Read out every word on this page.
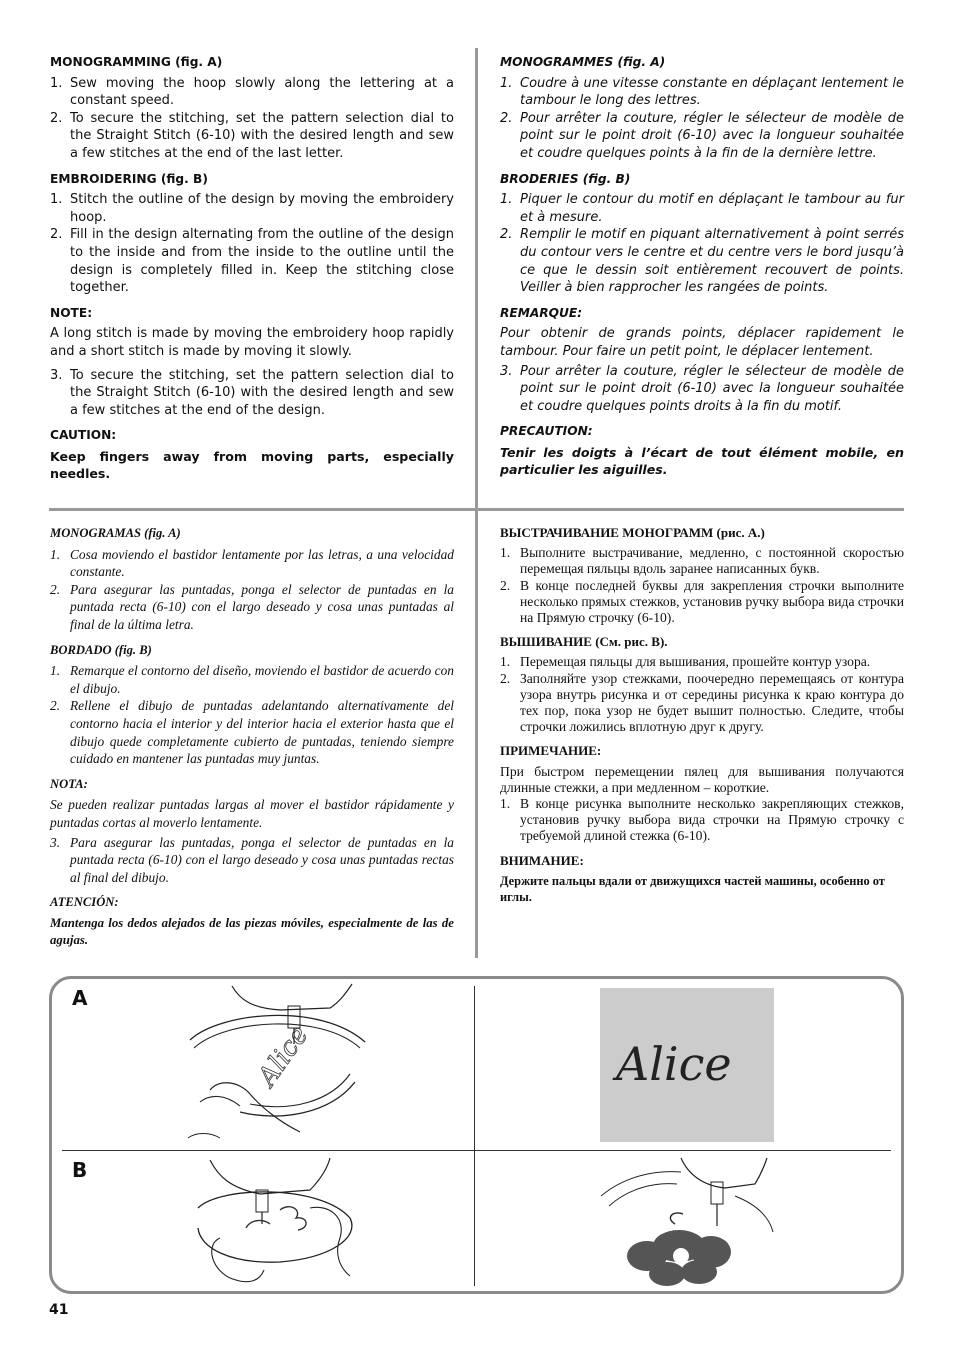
MONOGRAMMING (fig. A)
1. Sew moving the hoop slowly along the lettering at a constant speed.
2. To secure the stitching, set the pattern selection dial to the Straight Stitch (6-10) with the desired length and sew a few stitches at the end of the last letter.
EMBROIDERING (fig. B)
1. Stitch the outline of the design by moving the embroidery hoop.
2. Fill in the design alternating from the outline of the design to the inside and from the inside to the outline until the design is completely filled in. Keep the stitching close together.
NOTE:

A long stitch is made by moving the embroidery hoop rapidly and a short stitch is made by moving it slowly.

3. To secure the stitching, set the pattern selection dial to the Straight Stitch (6-10) with the desired length and sew a few stitches at the end of the design.
CAUTION:

Keep fingers away from moving parts, especially needles.

MONOGRAMMES (fig. A)
1. Coudre à une vitesse constante en déplaçant lentement le tambour le long des lettres.
2. Pour arrêter la couture, régler le sélecteur de modèle de point sur le point droit (6-10) avec la longueur souhaitée et coudre quelques points à la fin de la dernière lettre.
BRODERIES (fig. B)
1. Piquer le contour du motif en déplaçant le tambour au fur et à mesure.
2. Remplir le motif en piquant alternativement à point serrés du contour vers le centre et du centre vers le bord jusqu’à ce que le dessin soit entièrement recouvert de points. Veiller à bien rapprocher les rangées de points.
REMARQUE:

Pour obtenir de grands points, déplacer rapidement le tambour. Pour faire un petit point, le déplacer lentement.

3. Pour arrêter la couture, régler le sélecteur de modèle de point sur le point droit (6-10) avec la longueur souhaitée et coudre quelques points droits à la fin du motif.
PRECAUTION:

Tenir les doigts à l’écart de tout élément mobile, en particulier les aiguilles.

MONOGRAMAS (fig. A)
1. Cosa moviendo el bastidor lentamente por las letras, a una velocidad constante.
2. Para asegurar las puntadas, ponga el selector de puntadas en la puntada recta (6-10) con el largo deseado y cosa unas puntadas al final de la última letra.
BORDADO (fig. B)
1. Remarque el contorno del diseño, moviendo el bastidor de acuerdo con el dibujo.
2. Rellene el dibujo de puntadas adelantando alternativamente del contorno hacia el interior y del interior hacia el exterior hasta que el dibujo quede completamente cubierto de puntadas, teniendo siempre cuidado en mantener las puntadas muy juntas.
NOTA:

Se pueden realizar puntadas largas al mover el bastidor rápidamente y puntadas cortas al moverlo lentamente.

3. Para asegurar las puntadas, ponga el selector de puntadas en la puntada recta (6-10) con el largo deseado y cosa unas puntadas rectas al final del dibujo.
ATENCIÓN:

Mantenga los dedos alejados de las piezas móviles, especialmente de las de agujas.

ВЫСТРАЧИВАНИЕ МОНОГРАММ (рис. А.)
1. Выполните выстрачивание, медленно, с постоянной скоростью перемещая пяльцы вдоль заранее написанных букв.
2. В конце последней буквы для закрепления строчки выполните несколько прямых стежков, установив ручку выбора вида строчки на Прямую строчку (6-10).
ВЫШИВАНИЕ (См. рис. В).
1. Перемещая пяльцы для вышивания, прошейте контур узора.
2. Заполняйте узор стежками, поочередно перемещаясь от контура узора внутрь рисунка и от середины рисунка к краю контура до тех пор, пока узор не будет вышит полностью. Следите, чтобы строчки ложились вплотную друг к другу.
ПРИМЕЧАНИЕ:

При быстром перемещении пялец для вышивания получаются длинные стежки, а при медленном – короткие.

1. В конце рисунка выполните несколько закрепляющих стежков, установив ручку выбора вида строчки на Прямую строчку с требуемой длиной стежка (6-10).
ВНИМАНИЕ:

Держите пальцы вдали от движущихся частей машины, особенно от иглы.

A
B
Alice	Alice
41
